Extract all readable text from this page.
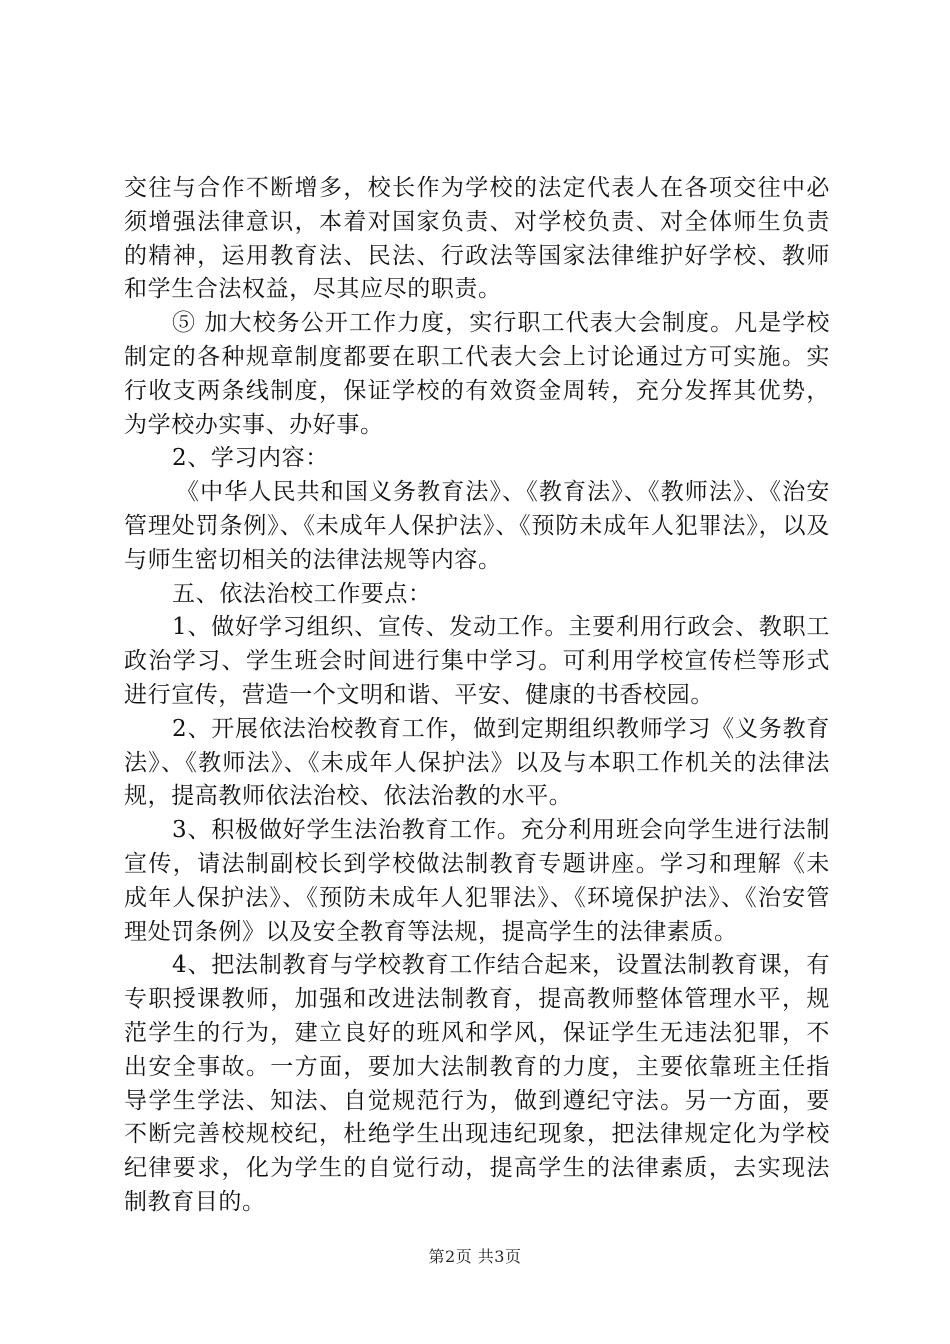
交往与合作不断增多，校长作为学校的法定代表人在各项交往中必须增强法律意识，本着对国家负责、对学校负责、对全体师生负责的精神，运用教育法、民法、行政法等国家法律维护好学校、教师和学生合法权益，尽其应尽的职责。

⑤ 加大校务公开工作力度，实行职工代表大会制度。凡是学校制定的各种规章制度都要在职工代表大会上讨论通过方可实施。实行收支两条线制度，保证学校的有效资金周转，充分发挥其优势，为学校办实事、办好事。

2、学习内容：

《中华人民共和国义务教育法》、《教育法》、《教师法》、《治安管理处罚条例》、《未成年人保护法》、《预防未成年人犯罪法》，以及与师生密切相关的法律法规等内容。

五、依法治校工作要点：

1、做好学习组织、宣传、发动工作。主要利用行政会、教职工政治学习、学生班会时间进行集中学习。可利用学校宣传栏等形式进行宣传，营造一个文明和谐、平安、健康的书香校园。

2、开展依法治校教育工作，做到定期组织教师学习《义务教育法》、《教师法》、《未成年人保护法》以及与本职工作机关的法律法规，提高教师依法治校、依法治教的水平。

3、积极做好学生法治教育工作。充分利用班会向学生进行法制宣传，请法制副校长到学校做法制教育专题讲座。学习和理解《未成年人保护法》、《预防未成年人犯罪法》、《环境保护法》、《治安管理处罚条例》以及安全教育等法规，提高学生的法律素质。

4、把法制教育与学校教育工作结合起来，设置法制教育课，有专职授课教师，加强和改进法制教育，提高教师整体管理水平，规范学生的行为，建立良好的班风和学风，保证学生无违法犯罪，不出安全事故。一方面，要加大法制教育的力度，主要依靠班主任指导学生学法、知法、自觉规范行为，做到遵纪守法。另一方面，要不断完善校规校纪，杜绝学生出现违纪现象，把法律规定化为学校纪律要求，化为学生的自觉行动，提高学生的法律素质，去实现法制教育目的。

第2页 共3页
